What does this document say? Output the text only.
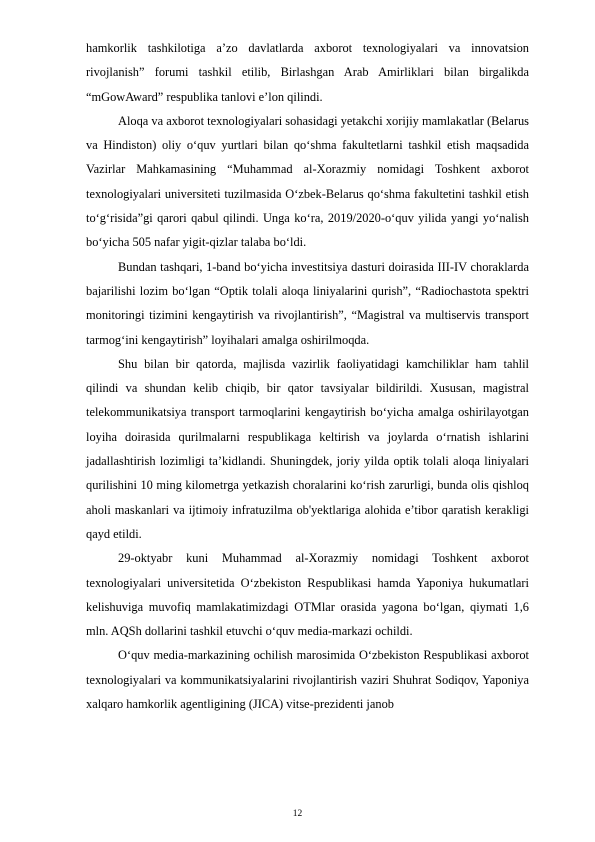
hamkorlik tashkilotiga a’zo davlatlarda axborot texnologiyalari va innovatsion rivojlanish” forumi tashkil etilib, Birlashgan Arab Amirliklari bilan birgalikda “mGowAward” respublika tanlovi e’lon qilindi.

Aloqa va axborot texnologiyalari sohasidagi yetakchi xorijiy mamlakatlar (Belarus va Hindiston) oliy o‘quv yurtlari bilan qo‘shma fakultetlarni tashkil etish maqsadida Vazirlar Mahkamasining “Muhammad al-Xorazmiy nomidagi Toshkent axborot texnologiyalari universiteti tuzilmasida O‘zbek-Belarus qo‘shma fakultetini tashkil etish to‘g‘risida”gi qarori qabul qilindi. Unga ko‘ra, 2019/2020-o‘quv yilida yangi yo‘nalish bo‘yicha 505 nafar yigit-qizlar talaba bo‘ldi.

Bundan tashqari, 1-band bo‘yicha investitsiya dasturi doirasida III-IV choraklarda bajarilishi lozim bo‘lgan “Optik tolali aloqa liniyalarini qurish”, “Radiochastota spektri monitoringi tizimini kengaytirish va rivojlantirish”, “Magistral va multiservis transport tarmog‘ini kengaytirish” loyihalari amalga oshirilmoqda.

Shu bilan bir qatorda, majlisda vazirlik faoliyatidagi kamchiliklar ham tahlil qilindi va shundan kelib chiqib, bir qator tavsiyalar bildirildi. Xususan, magistral telekommunikatsiya transport tarmoqlarini kengaytirish bo‘yicha amalga oshirilayotgan loyiha doirasida qurilmalarni respublikaga keltirish va joylarda o‘rnatish ishlarini jadallashtirish lozimligi ta’kidlandi. Shuningdek, joriy yilda optik tolali aloqa liniyalari qurilishini 10 ming kilometrga yetkazish choralarini ko‘rish zarurligi, bunda olis qishloq aholi maskanlari va ijtimoiy infratuzilma ob'yektlariga alohida e’tibor qaratish kerakligi qayd etildi.

29-oktyabr kuni Muhammad al-Xorazmiy nomidagi Toshkent axborot texnologiyalari universitetida O‘zbekiston Respublikasi hamda Yaponiya hukumatlari kelishuviga muvofiq mamlakatimizdagi OTMlar orasida yagona bo‘lgan, qiymati 1,6 mln. AQSh dollarini tashkil etuvchi o‘quv media-markazi ochildi.

O‘quv media-markazining ochilish marosimida O‘zbekiston Respublikasi axborot texnologiyalari va kommunikatsiyalarini rivojlantirish vaziri Shuhrat Sodiqov, Yaponiya xalqaro hamkorlik agentligining (JICA) vitse-prezidenti janob

12
